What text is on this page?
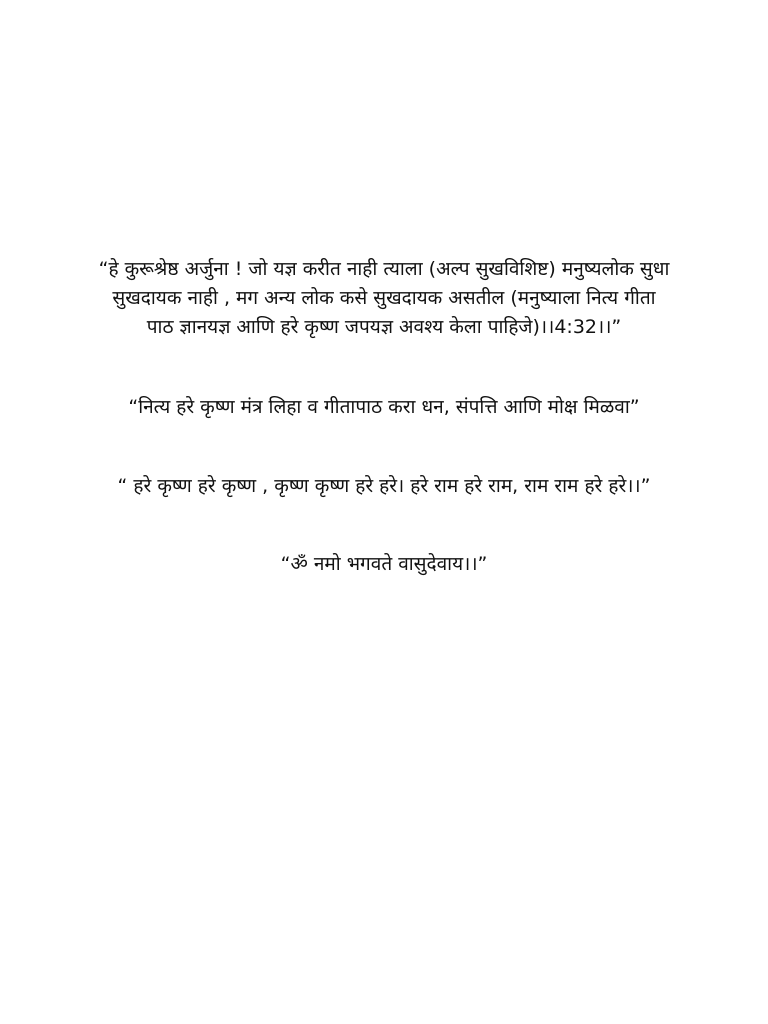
“हे कुरूश्रेष्ठ अर्जुना ! जो यज्ञ करीत नाही त्याला (अल्प सुखविशिष्ट) मनुष्यलोक सुधा
सुखदायक नाही , मग अन्य लोक कसे सुखदायक असतील (मनुष्याला नित्य गीता
पाठ ज्ञानयज्ञ आणि हरे कृष्ण जपयज्ञ अवश्य केला पाहिजे)।।4:32।।”

“नित्य हरे कृष्ण मंत्र लिहा व गीतापाठ करा धन, संपत्ति आणि मोक्ष मिळवा”

“ हरे कृष्ण हरे कृष्ण , कृष्ण कृष्ण हरे हरे। हरे राम हरे राम, राम राम हरे हरे।।”

“ॐ नमो भगवते वासुदेवाय।।”
